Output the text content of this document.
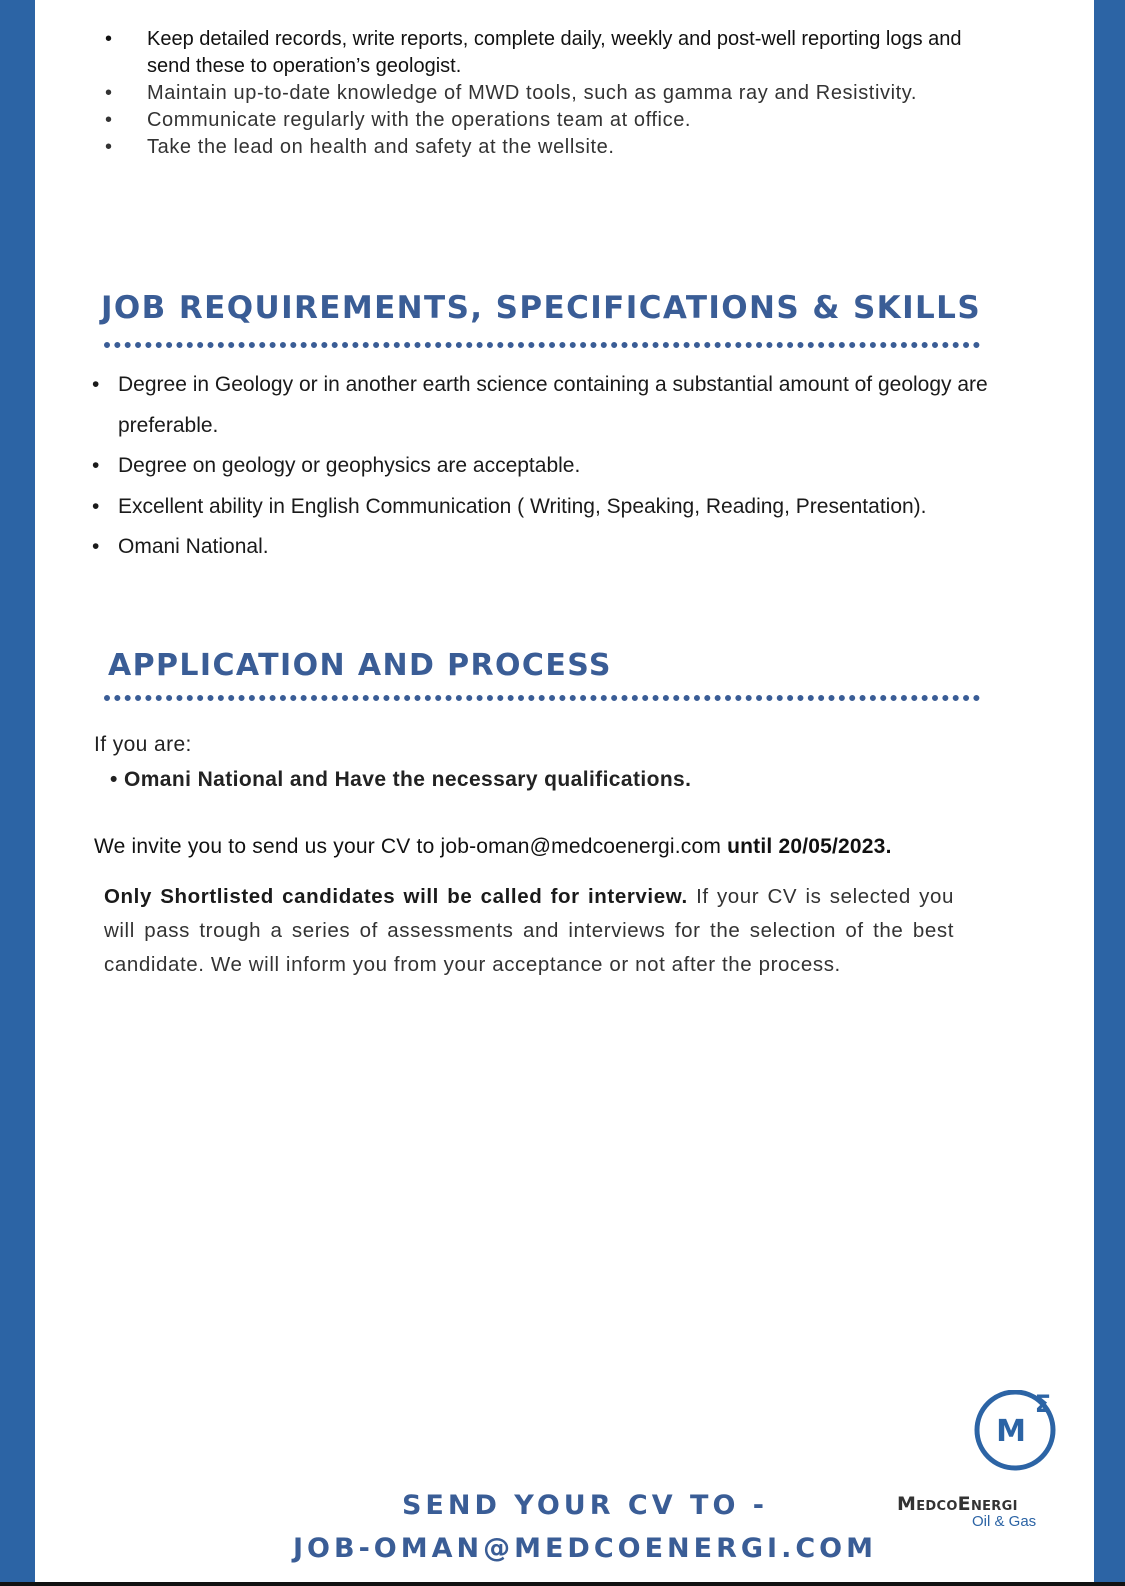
•	Keep detailed records, write reports, complete daily, weekly and post-well reporting logs and send these to operation’s geologist.
•	Maintain up-to-date knowledge of MWD tools, such as gamma ray and Resistivity.
•	Communicate regularly with the operations team at office.
•	Take the lead on health and safety at the wellsite.
JOB REQUIREMENTS, SPECIFICATIONS & SKILLS
• Degree in Geology or in another earth science containing a substantial amount of geology are preferable.
• Degree on geology or geophysics are acceptable.
• Excellent ability in English Communication ( Writing, Speaking, Reading, Presentation).
• Omani National.
APPLICATION AND PROCESS
If you are:
• Omani National and Have the necessary qualifications.
We invite you to send us your CV to job-oman@medcoenergi.com until 20/05/2023.
Only Shortlisted candidates will be called for interview. If your CV is selected you will pass trough a series of assessments and interviews for the selection of the best candidate. We will inform you from your acceptance or not after the process.
SEND YOUR CV TO -
JOB-OMAN@MEDCOENERGI.COM
M
Σ
MedcoEnergi
Oil & Gas
